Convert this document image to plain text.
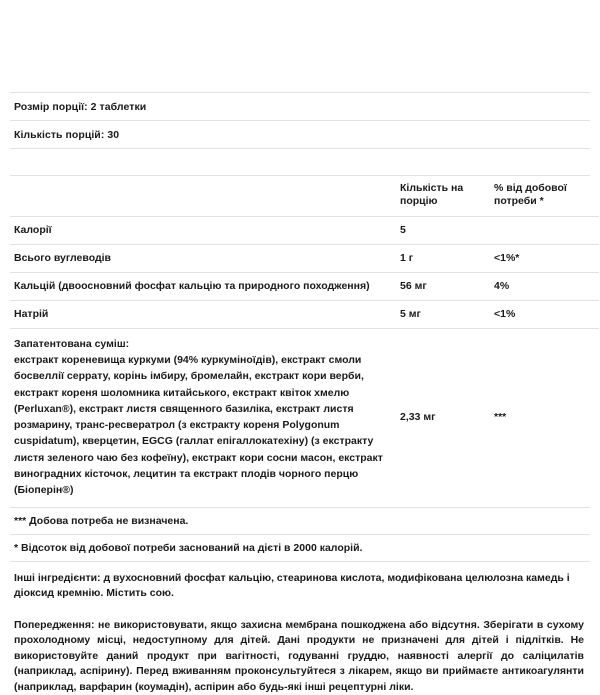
Розмір порції: 2 таблетки
Кількість порцій: 30
	Кількість на порцію	% від добової потреби *
Калорії	5	
Всього вуглеводів	1 г	<1%*
Кальцій (двоосновний фосфат кальцію та природного походження)	56 мг	4%
Натрій	5 мг	<1%

Запатентована суміш:
екстракт кореневища куркуми (94% куркуміноїдів), екстракт смоли босвеллії серрату, корінь імбиру, бромелайн, екстракт кори верби, екстракт кореня шоломника китайського, екстракт квіток хмелю (Perluxan®), екстракт листя священного базиліка, екстракт листя розмарину, транс-ресвератрол (з екстракту кореня Polygonum cuspidatum), кверцетин, EGCG (галлат епігаллокатехіну) (з екстракту листя зеленого чаю без кофеїну), екстракт кори сосни масон, екстракт виноградних кісточок, лецитин та екстракт плодів чорного перцю (Біоперін®)	2,33 мг	***
*** Добова потреба не визначена.
* Відсоток від добової потреби заснований на дієті в 2000 калорій.

Інші інгредієнти: д вухосновний фосфат кальцію, стеаринова кислота, модифікована целюлозна камедь і діоксид кремнію. Містить сою.

Попередження: не використовувати, якщо захисна мембрана пошкоджена або відсутня. Зберігати в сухому прохолодному місці, недоступному для дітей. Дані продукти не призначені для дітей і підлітків. Не використовуйте даний продукт при вагітності, годуванні груддю, наявності алергії до саліцилатів (наприклад, аспірину). Перед вживанням проконсультуйтеся з лікарем, якщо ви приймаєте антикоагулянти (наприклад, варфарин (коумадін), аспірин або будь-які інші рецептурні ліки.
